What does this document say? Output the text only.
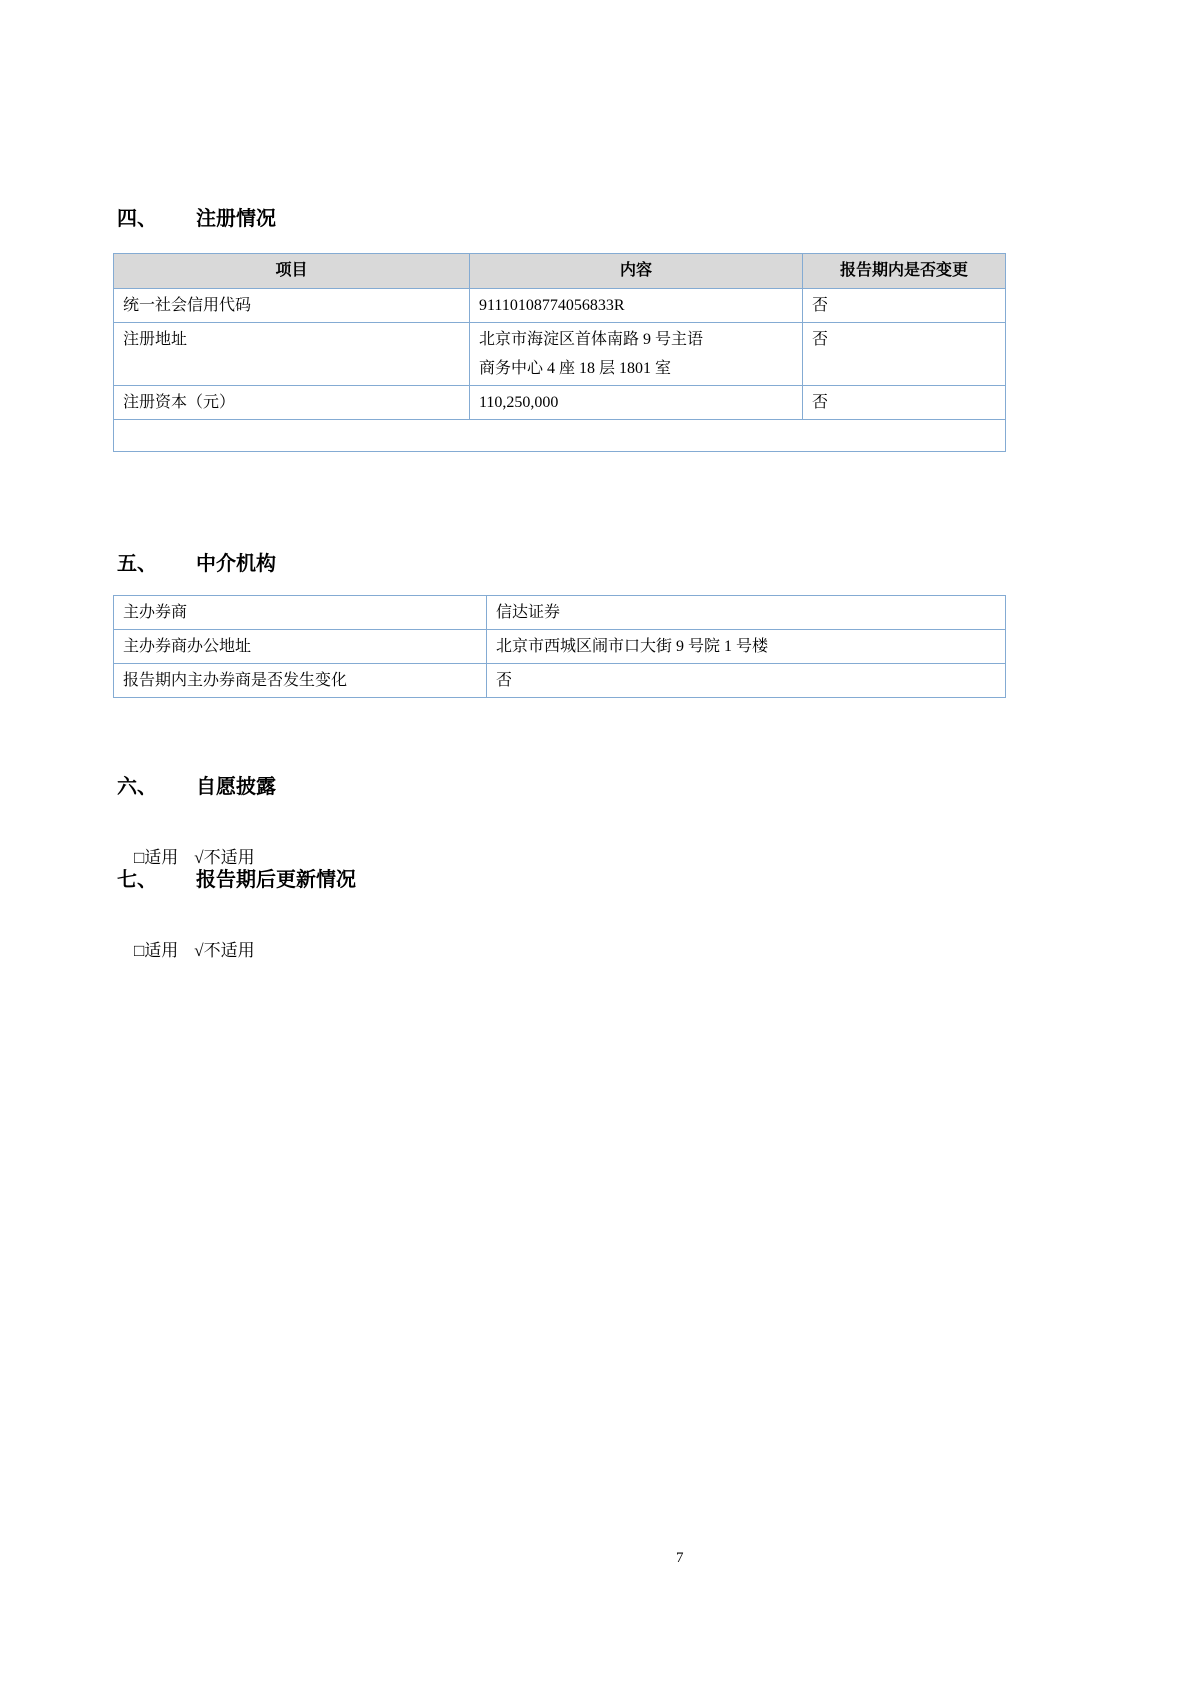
四、 注册情况
项目	内容	报告期内是否变更
统一社会信用代码	91110108774056833R	否
注册地址	北京市海淀区首体南路 9 号主语商务中心 4 座 18 层 1801 室	否
注册资本（元）	110,250,000	否

五、 中介机构
主办券商	信达证券
主办券商办公地址	北京市西城区闹市口大街 9 号院 1 号楼
报告期内主办券商是否发生变化	否
六、 自愿披露

□适用 √不适用

七、 报告期后更新情况

□适用 √不适用

7
